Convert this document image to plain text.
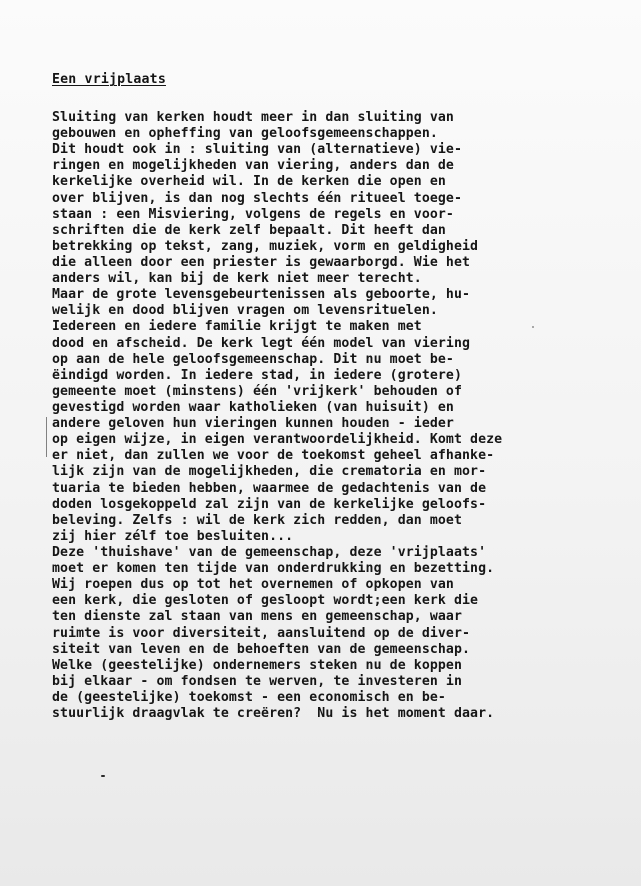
Een vrijplaats
Sluiting van kerken houdt meer in dan sluiting van
gebouwen en opheffing van geloofsgemeenschappen.
Dit houdt ook in : sluiting van (alternatieve) vie-
ringen en mogelijkheden van viering, anders dan de
kerkelijke overheid wil. In de kerken die open en
over blijven, is dan nog slechts één ritueel toege-
staan : een Misviering, volgens de regels en voor-
schriften die de kerk zelf bepaalt. Dit heeft dan
betrekking op tekst, zang, muziek, vorm en geldigheid
die alleen door een priester is gewaarborgd. Wie het
anders wil, kan bij de kerk niet meer terecht.
Maar de grote levensgebeurtenissen als geboorte, hu-
welijk en dood blijven vragen om levensrituelen.
Iedereen en iedere familie krijgt te maken met
dood en afscheid. De kerk legt één model van viering
op aan de hele geloofsgemeenschap. Dit nu moet be-
ëindigd worden. In iedere stad, in iedere (grotere)
gemeente moet (minstens) één 'vrijkerk' behouden of
gevestigd worden waar katholieken (van huisuit) en
andere geloven hun vieringen kunnen houden - ieder
op eigen wijze, in eigen verantwoordelijkheid. Komt deze
er niet, dan zullen we voor de toekomst geheel afhanke-
lijk zijn van de mogelijkheden, die crematoria en mor-
tuaria te bieden hebben, waarmee de gedachtenis van de
doden losgekoppeld zal zijn van de kerkelijke geloofs-
beleving. Zelfs : wil de kerk zich redden, dan moet
zij hier zélf toe besluiten...
Deze 'thuishave' van de gemeenschap, deze 'vrijplaats'
moet er komen ten tijde van onderdrukking en bezetting.
Wij roepen dus op tot het overnemen of opkopen van
een kerk, die gesloten of gesloopt wordt;een kerk die
ten dienste zal staan van mens en gemeenschap, waar
ruimte is voor diversiteit, aansluitend op de diver-
siteit van leven en de behoeften van de gemeenschap.
Welke (geestelijke) ondernemers steken nu de koppen
bij elkaar - om fondsen te werven, te investeren in
de (geestelijke) toekomst - een economisch en be-
stuurlijk draagvlak te creëren?  Nu is het moment daar.
